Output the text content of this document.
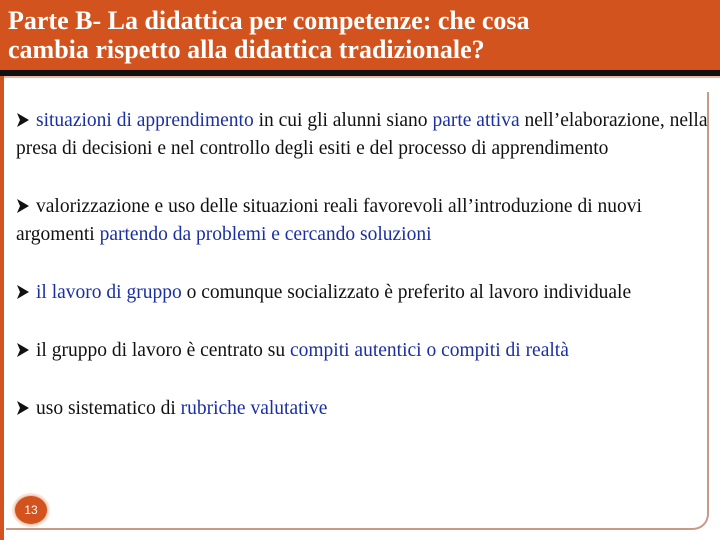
Parte B- La didattica per competenze: che cosa
cambia rispetto alla didattica tradizionale?
situazioni di apprendimento in cui gli alunni siano parte attiva nell’elaborazione, nella presa di decisioni e nel controllo degli esiti e del processo di apprendimento
valorizzazione e uso delle situazioni reali favorevoli all’introduzione di nuovi argomenti partendo da problemi e cercando soluzioni
il lavoro di gruppo o comunque socializzato è preferito al lavoro individuale
il gruppo di lavoro è centrato su compiti autentici o compiti di realtà
uso sistematico di rubriche valutative
13
